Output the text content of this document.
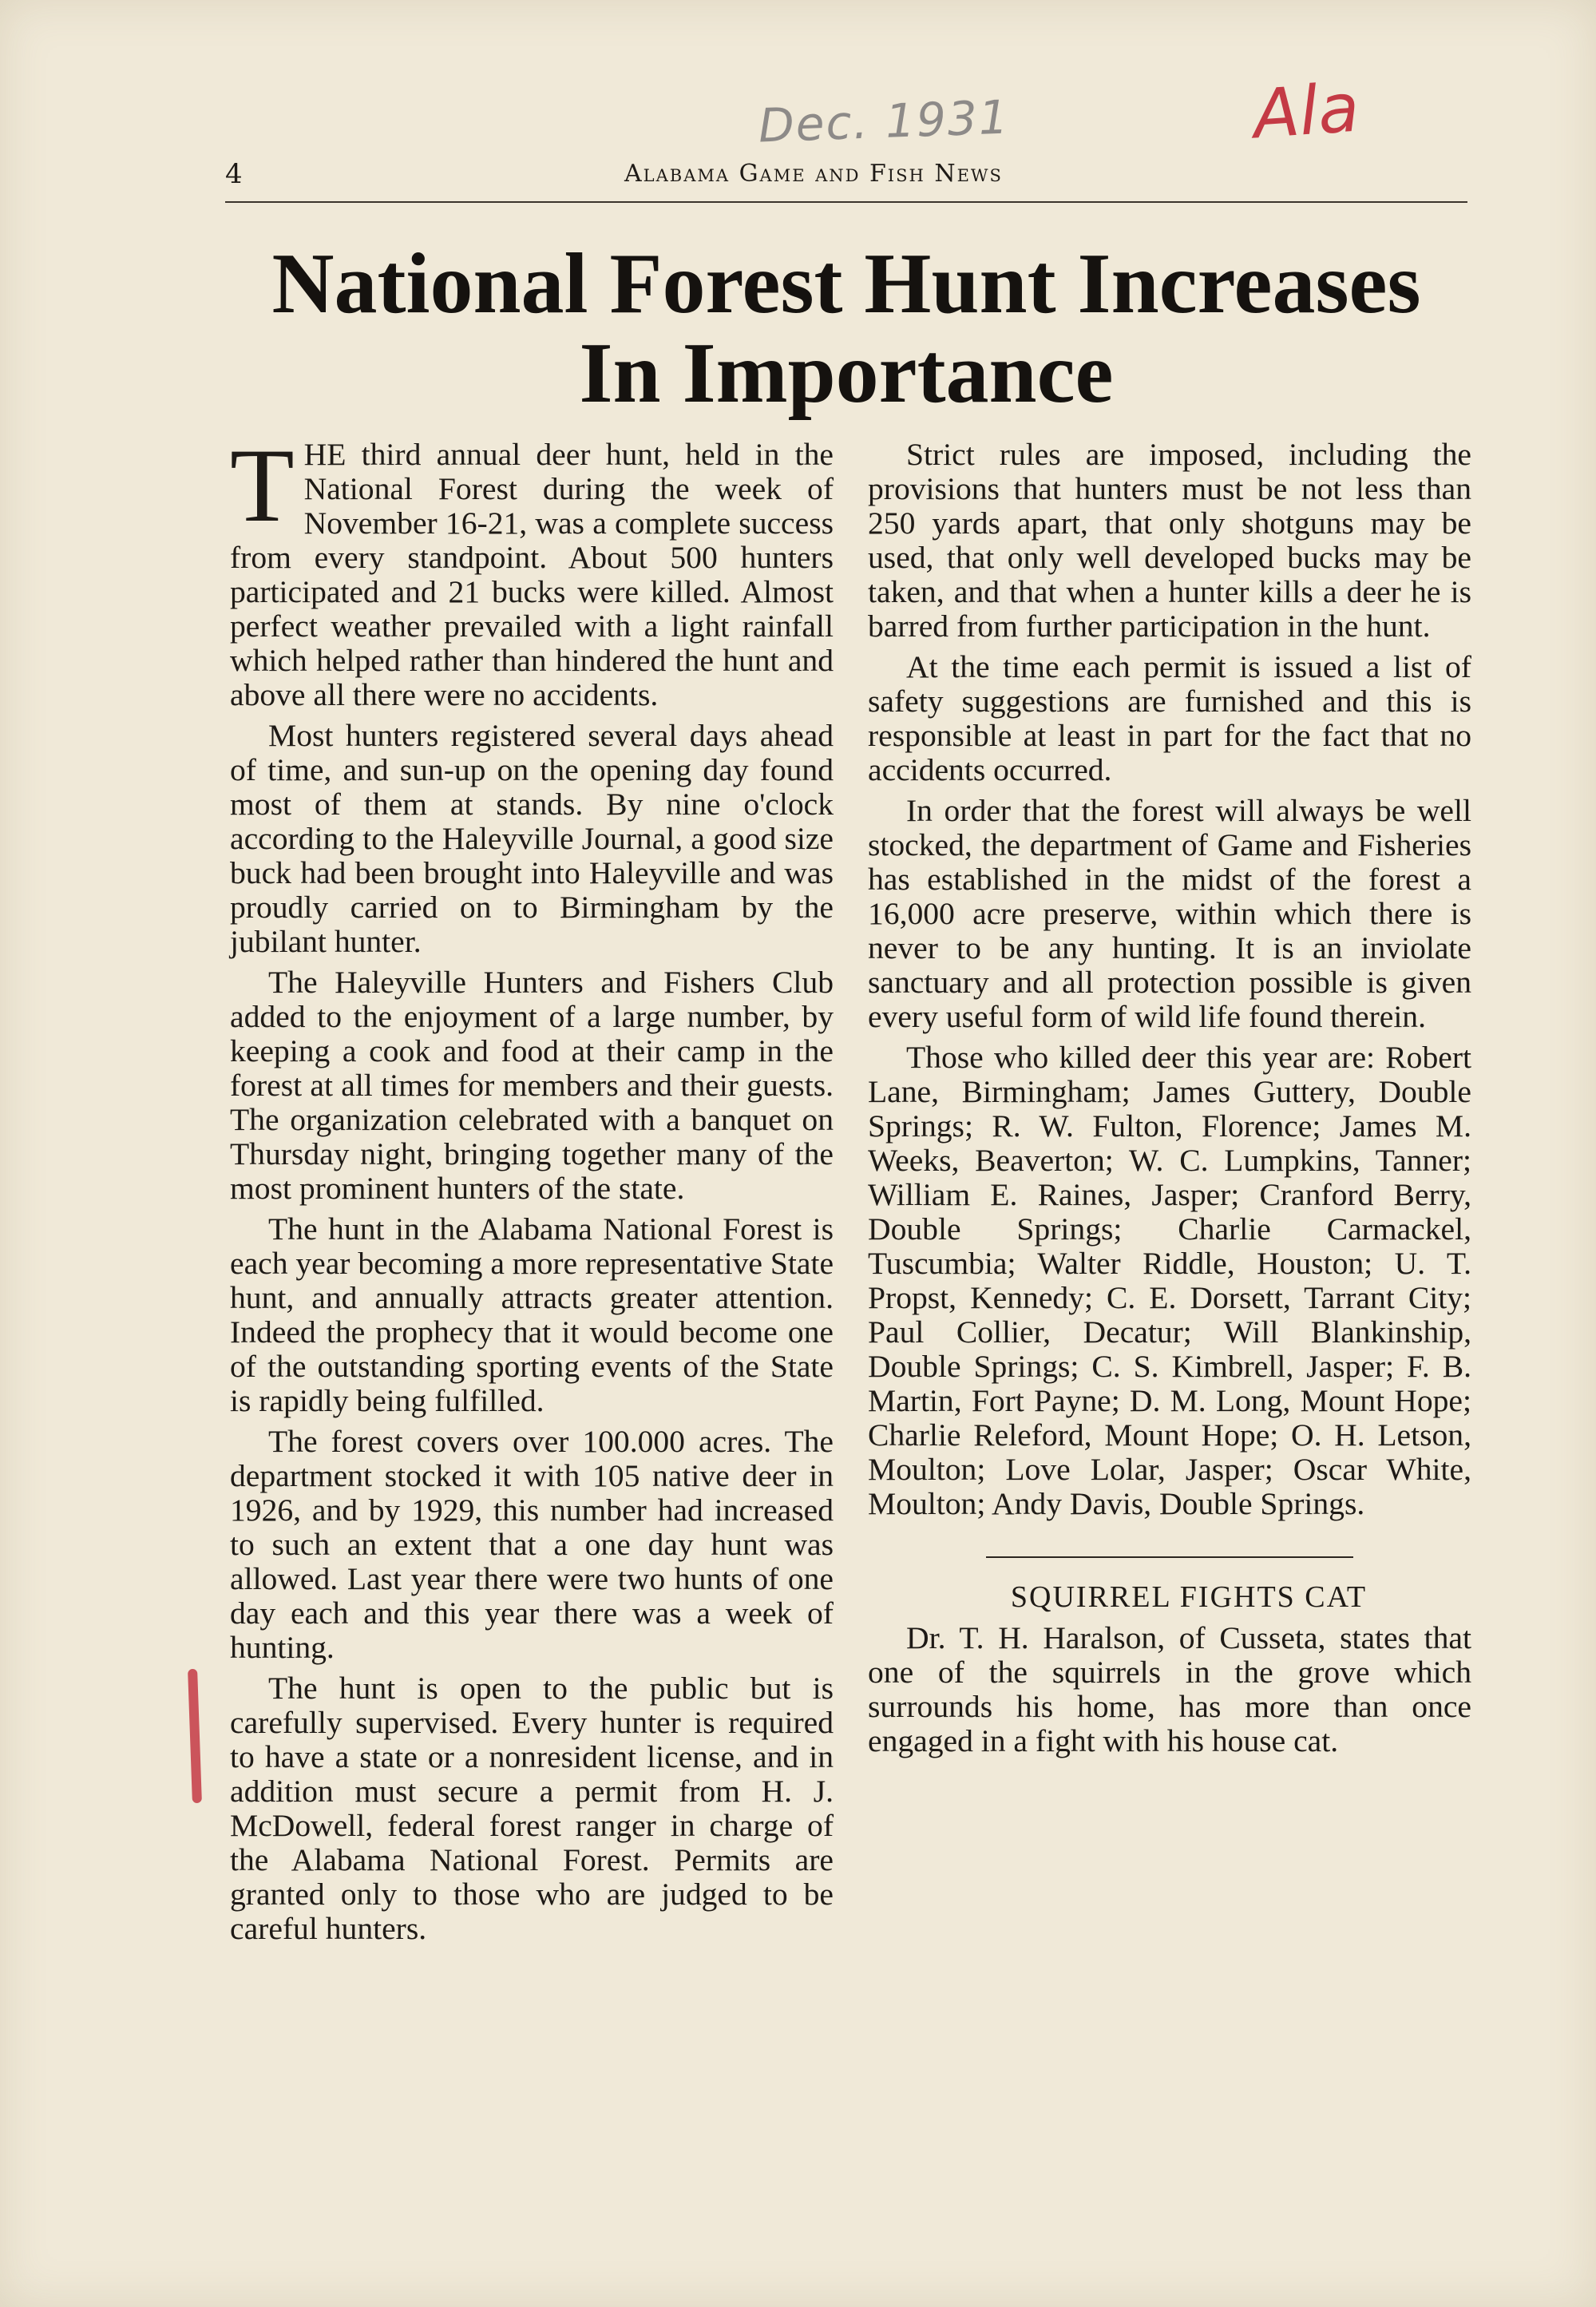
Dec. 1931	Ala
4	Alabama Game and Fish News
National Forest Hunt Increases
In Importance

THE third annual deer hunt, held in the National Forest during the week of November 16-21, was a complete success from every standpoint. About 500 hunters participated and 21 bucks were killed. Almost perfect weather prevailed with a light rainfall which helped rather than hindered the hunt and above all there were no accidents.

Most hunters registered several days ahead of time, and sun-up on the opening day found most of them at stands. By nine o'clock according to the Haleyville Journal, a good size buck had been brought into Haleyville and was proudly carried on to Birmingham by the jubilant hunter.

The Haleyville Hunters and Fishers Club added to the enjoyment of a large number, by keeping a cook and food at their camp in the forest at all times for members and their guests. The organization celebrated with a banquet on Thursday night, bringing together many of the most prominent hunters of the state.

The hunt in the Alabama National Forest is each year becoming a more representative State hunt, and annually attracts greater attention. Indeed the prophecy that it would become one of the outstanding sporting events of the State is rapidly being fulfilled.

The forest covers over 100.000 acres. The department stocked it with 105 native deer in 1926, and by 1929, this number had increased to such an extent that a one day hunt was allowed. Last year there were two hunts of one day each and this year there was a week of hunting.

The hunt is open to the public but is carefully supervised. Every hunter is required to have a state or a nonresident license, and in addition must secure a permit from H. J. McDowell, federal forest ranger in charge of the Alabama National Forest. Permits are granted only to those who are judged to be careful hunters.

Strict rules are imposed, including the provisions that hunters must be not less than 250 yards apart, that only shotguns may be used, that only well developed bucks may be taken, and that when a hunter kills a deer he is barred from further participation in the hunt.

At the time each permit is issued a list of safety suggestions are furnished and this is responsible at least in part for the fact that no accidents occurred.

In order that the forest will always be well stocked, the department of Game and Fisheries has established in the midst of the forest a 16,000 acre preserve, within which there is never to be any hunting. It is an inviolate sanctuary and all protection possible is given every useful form of wild life found therein.

Those who killed deer this year are: Robert Lane, Birmingham; James Guttery, Double Springs; R. W. Fulton, Florence; James M. Weeks, Beaverton; W. C. Lumpkins, Tanner; William E. Raines, Jasper; Cranford Berry, Double Springs; Charlie Carmackel, Tuscumbia; Walter Riddle, Houston; U. T. Propst, Kennedy; C. E. Dorsett, Tarrant City; Paul Collier, Decatur; Will Blankinship, Double Springs; C. S. Kimbrell, Jasper; F. B. Martin, Fort Payne; D. M. Long, Mount Hope; Charlie Releford, Mount Hope; O. H. Letson, Moulton; Love Lolar, Jasper; Oscar White, Moulton; Andy Davis, Double Springs.

SQUIRREL FIGHTS CAT

Dr. T. H. Haralson, of Cusseta, states that one of the squirrels in the grove which surrounds his home, has more than once engaged in a fight with his house cat.
